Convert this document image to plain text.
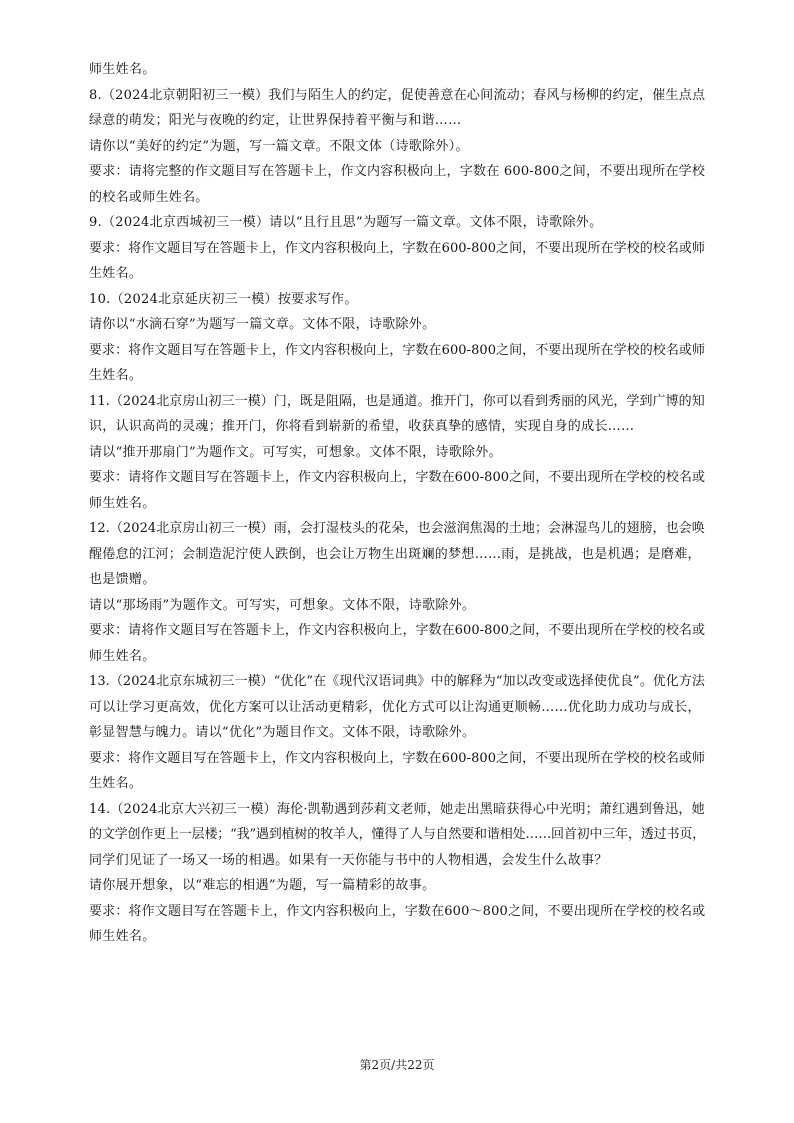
师生姓名。
8.（2024北京朝阳初三一模）我们与陌生人的约定，促使善意在心间流动；春风与杨柳的约定，催生点点
绿意的萌发；阳光与夜晚的约定，让世界保持着平衡与和谐……
请你以“美好的约定”为题，写一篇文章。不限文体（诗歌除外）。
要求：请将完整的作文题目写在答题卡上，作文内容积极向上，字数在 600-800之间，不要出现所在学校
的校名或师生姓名。
9.（2024北京西城初三一模）请以“且行且思”为题写一篇文章。文体不限，诗歌除外。
要求：将作文题目写在答题卡上，作文内容积极向上，字数在600-800之间，不要出现所在学校的校名或师
生姓名。
10.（2024北京延庆初三一模）按要求写作。
请你以“水滴石穿”为题写一篇文章。文体不限，诗歌除外。
要求：将作文题目写在答题卡上，作文内容积极向上，字数在600-800之间，不要出现所在学校的校名或师
生姓名。
11.（2024北京房山初三一模）门，既是阻隔，也是通道。推开门，你可以看到秀丽的风光，学到广博的知
识，认识高尚的灵魂；推开门，你将看到崭新的希望，收获真挚的感情，实现自身的成长……
请以“推开那扇门”为题作文。可写实，可想象。文体不限，诗歌除外。
要求：请将作文题目写在答题卡上，作文内容积极向上，字数在600-800之间，不要出现所在学校的校名或
师生姓名。
12.（2024北京房山初三一模）雨，会打湿枝头的花朵，也会滋润焦渴的土地；会淋湿鸟儿的翅膀，也会唤
醒倦怠的江河；会制造泥泞使人跌倒，也会让万物生出斑斓的梦想……雨，是挑战，也是机遇；是磨难，
也是馈赠。
请以“那场雨”为题作文。可写实，可想象。文体不限，诗歌除外。
要求：请将作文题目写在答题卡上，作文内容积极向上，字数在600-800之间，不要出现所在学校的校名或
师生姓名。
13.（2024北京东城初三一模）“优化”在《现代汉语词典》中的解释为“加以改变或选择使优良”。优化方法
可以让学习更高效，优化方案可以让活动更精彩，优化方式可以让沟通更顺畅……优化助力成功与成长，
彰显智慧与魄力。请以“优化”为题目作文。文体不限，诗歌除外。
要求：将作文题目写在答题卡上，作文内容积极向上，字数在600-800之间，不要出现所在学校的校名或师
生姓名。
14.（2024北京大兴初三一模）海伦·凯勒遇到莎莉文老师，她走出黑暗获得心中光明；萧红遇到鲁迅，她
的文学创作更上一层楼；“我”遇到植树的牧羊人，懂得了人与自然要和谐相处……回首初中三年，透过书页，
同学们见证了一场又一场的相遇。如果有一天你能与书中的人物相遇，会发生什么故事？
请你展开想象，以“难忘的相遇”为题，写一篇精彩的故事。
要求：将作文题目写在答题卡上，作文内容积极向上，字数在600～800之间，不要出现所在学校的校名或
师生姓名。
第2页/共22页
